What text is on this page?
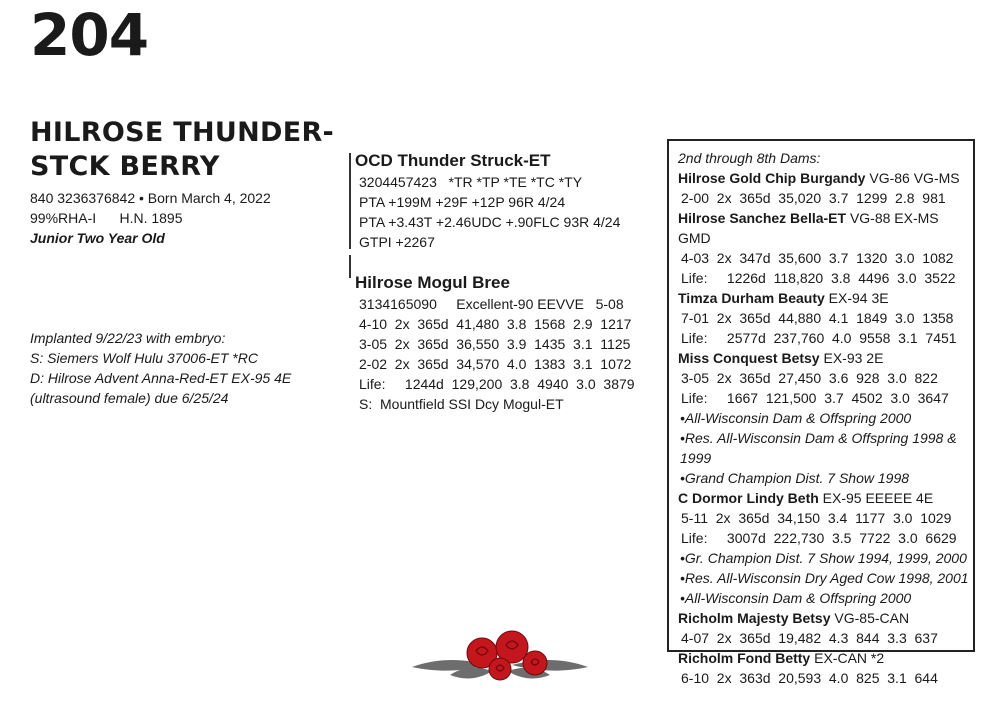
204
HILROSE THUNDER-STCK BERRY
840 3236376842 • Born March 4, 2022
99%RHA-I      H.N. 1895
Junior Two Year Old
Implanted 9/22/23 with embryo:
S: Siemers Wolf Hulu 37006-ET *RC
D: Hilrose Advent Anna-Red-ET EX-95 4E
(ultrasound female) due 6/25/24
OCD Thunder Struck-ET
3204457423   *TR *TP *TE *TC *TY
PTA +199M +29F +12P 96R 4/24
PTA +3.43T +2.46UDC +.90FLC 93R 4/24
GTPI +2267
Hilrose Mogul Bree
3134165090     Excellent-90 EEVVE   5-08
4-10  2x  365d  41,480  3.8  1568  2.9  1217
3-05  2x  365d  36,550  3.9  1435  3.1  1125
2-02  2x  365d  34,570  4.0  1383  3.1  1072
Life:     1244d  129,200  3.8  4940  3.0  3879
S:  Mountfield SSI Dcy Mogul-ET
2nd through 8th Dams:
Hilrose Gold Chip Burgandy VG-86 VG-MS
2-00  2x  365d  35,020  3.7  1299  2.8  981
Hilrose Sanchez Bella-ET VG-88 EX-MS GMD
4-03  2x  347d  35,600  3.7  1320  3.0  1082
Life:     1226d  118,820  3.8  4496  3.0  3522
Timza Durham Beauty EX-94 3E
7-01  2x  365d  44,880  4.1  1849  3.0  1358
Life:     2577d  237,760  4.0  9558  3.1  7451
Miss Conquest Betsy EX-93 2E
3-05  2x  365d  27,450  3.6  928  3.0  822
Life:     1667  121,500  3.7  4502  3.0  3647
•All-Wisconsin Dam & Offspring 2000
•Res. All-Wisconsin Dam & Offspring 1998 & 1999
•Grand Champion Dist. 7 Show 1998
C Dormor Lindy Beth EX-95 EEEEE 4E
5-11  2x  365d  34,150  3.4  1177  3.0  1029
Life:     3007d  222,730  3.5  7722  3.0  6629
•Gr. Champion Dist. 7 Show 1994, 1999, 2000
•Res. All-Wisconsin Dry Aged Cow 1998, 2001
•All-Wisconsin Dam & Offspring 2000
Richolm Majesty Betsy VG-85-CAN
4-07  2x  365d  19,482  4.3  844  3.3  637
Richolm Fond Betty EX-CAN *2
6-10  2x  363d  20,593  4.0  825  3.1  644
